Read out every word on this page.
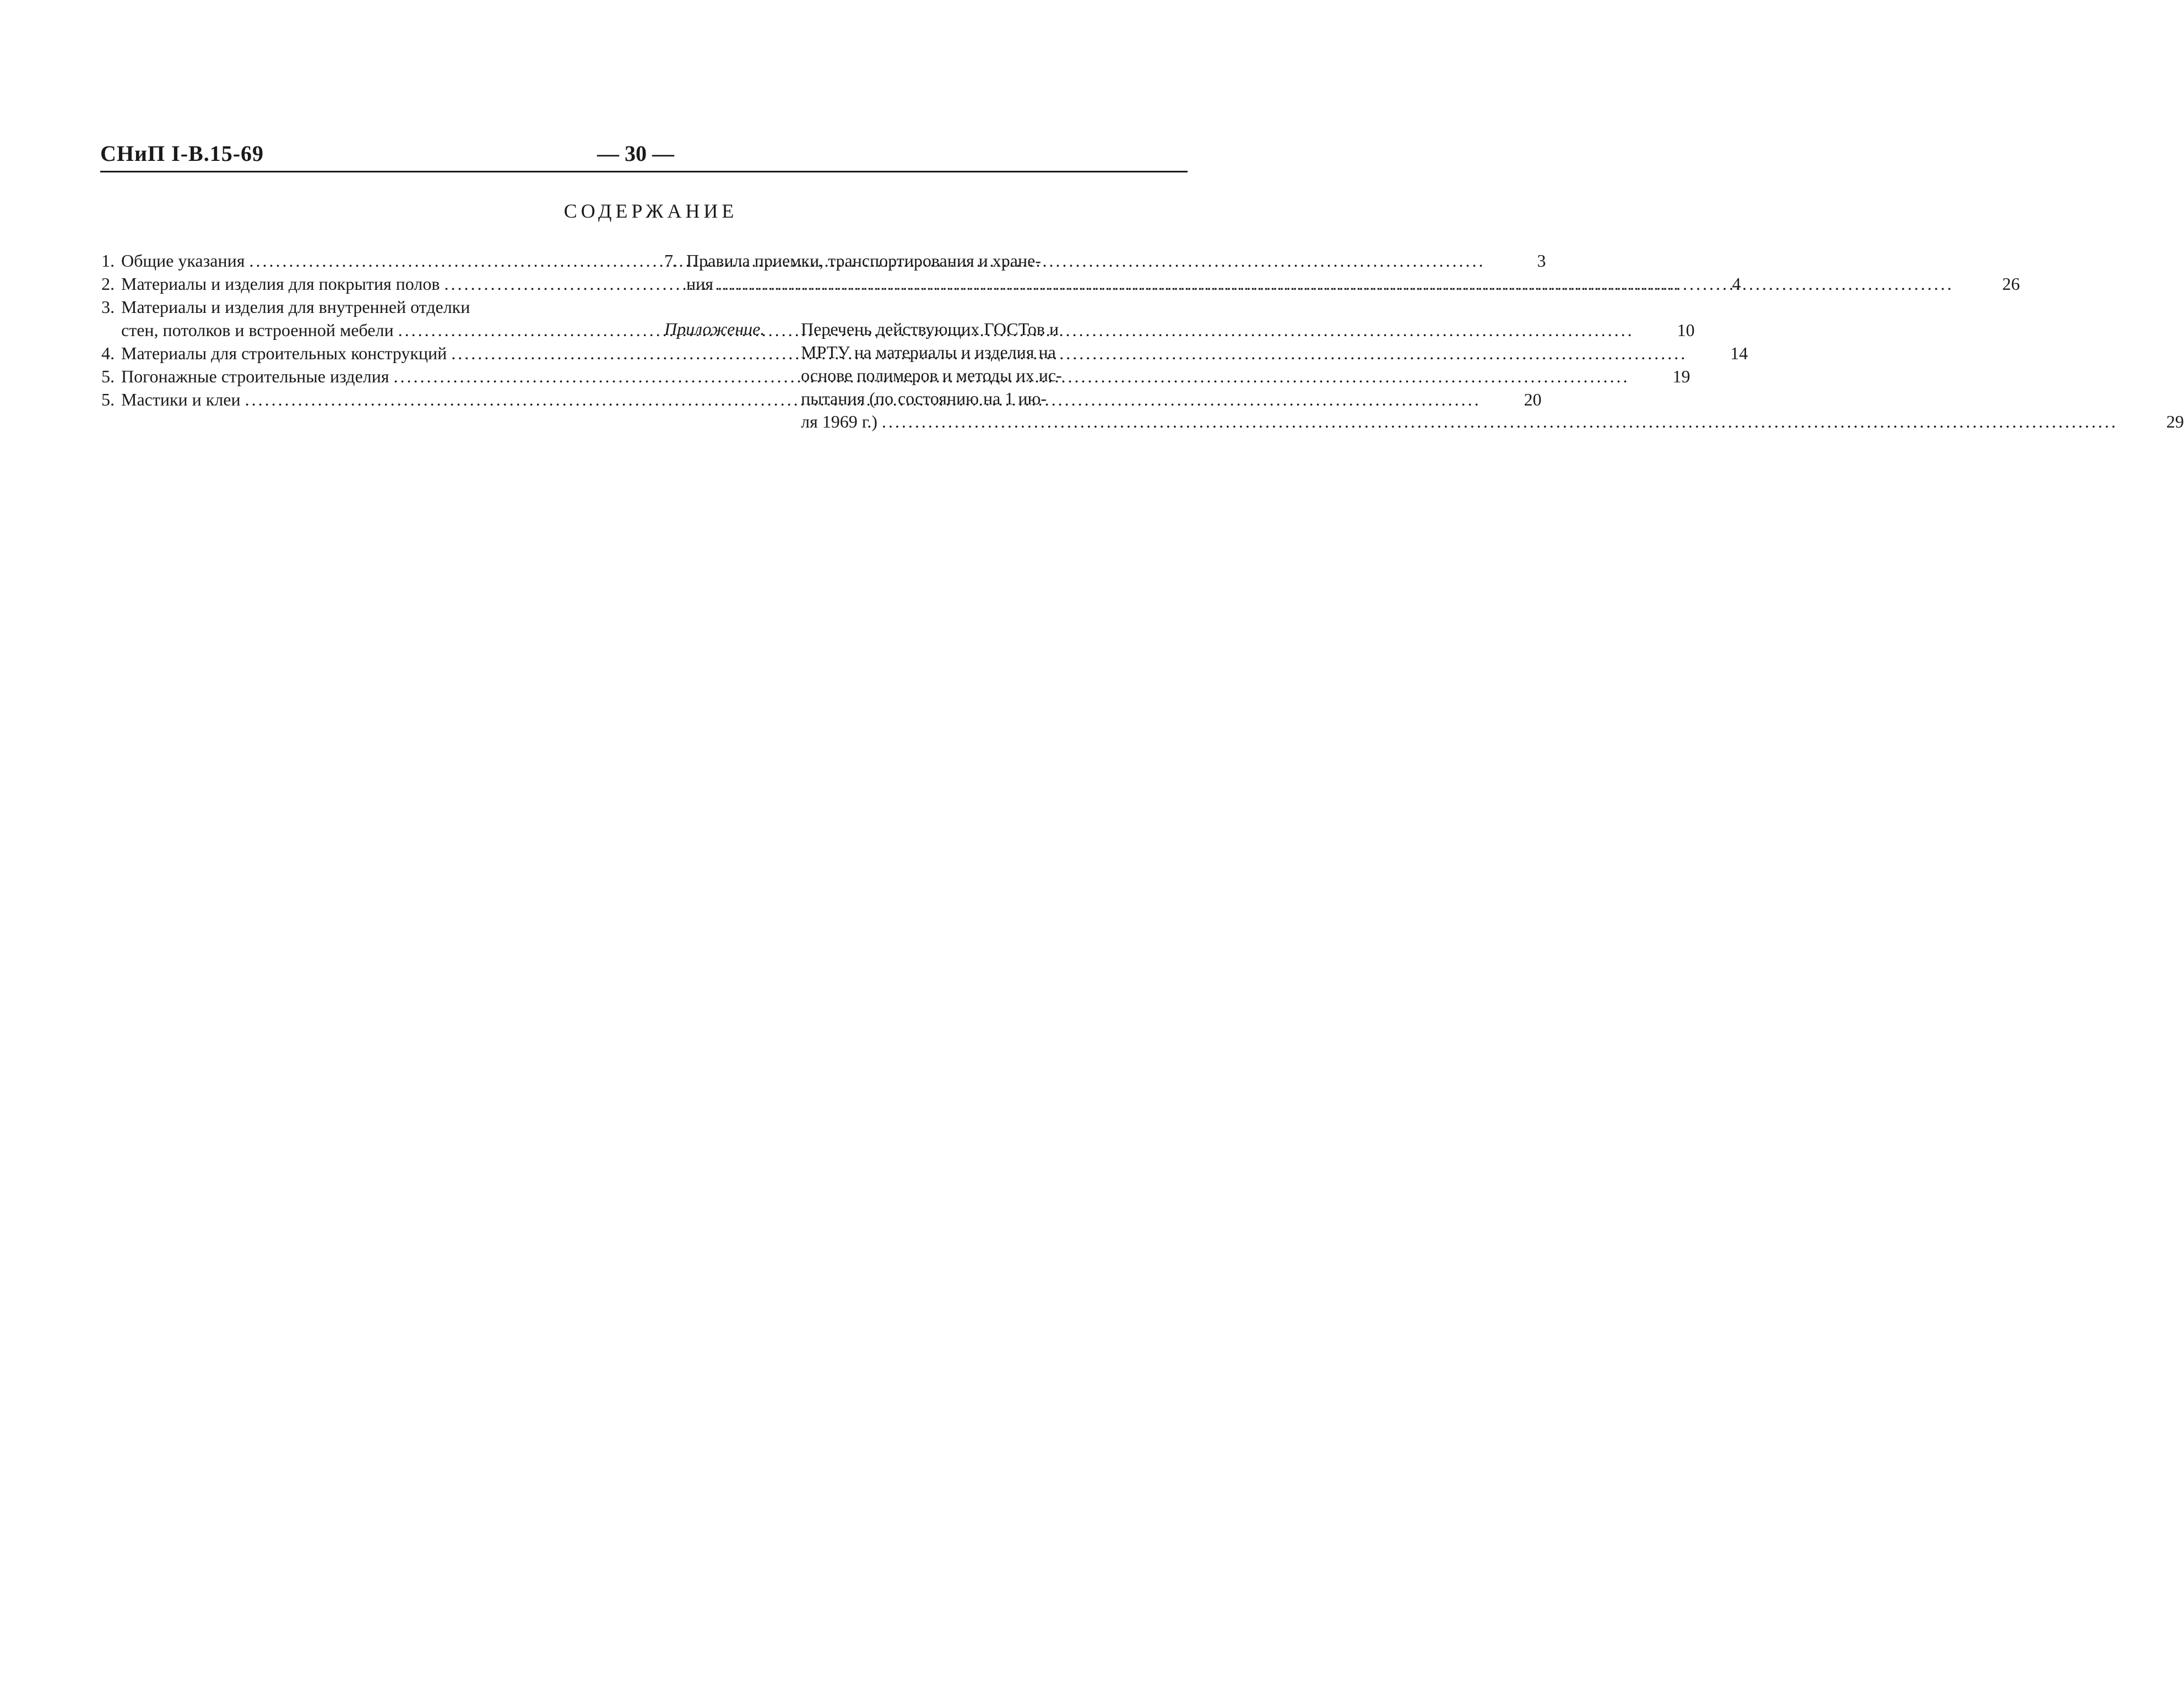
СНиП I-В.15-69	— 30 —
СОДЕРЖАНИЕ
1. Общие указания .....	3
2. Материалы и изделия для покрытия полов .....	4
3. Материалы и изделия для внутренней отделки
стен, потолков и встроенной мебели .....	10
4. Материалы для строительных конструкций .....	14
5. Погонажные строительные изделия .....	19
5. Мастики и клеи .....	20
7. Правила приемки, транспортирования и хране-
ния .....	26
Приложение.	Перечень действующих ГОСТов и
МРТУ на материалы и изделия на
основе полимеров и методы их ис-
пытания (по состоянию на 1 ию-
ля 1969 г.) .....	29
